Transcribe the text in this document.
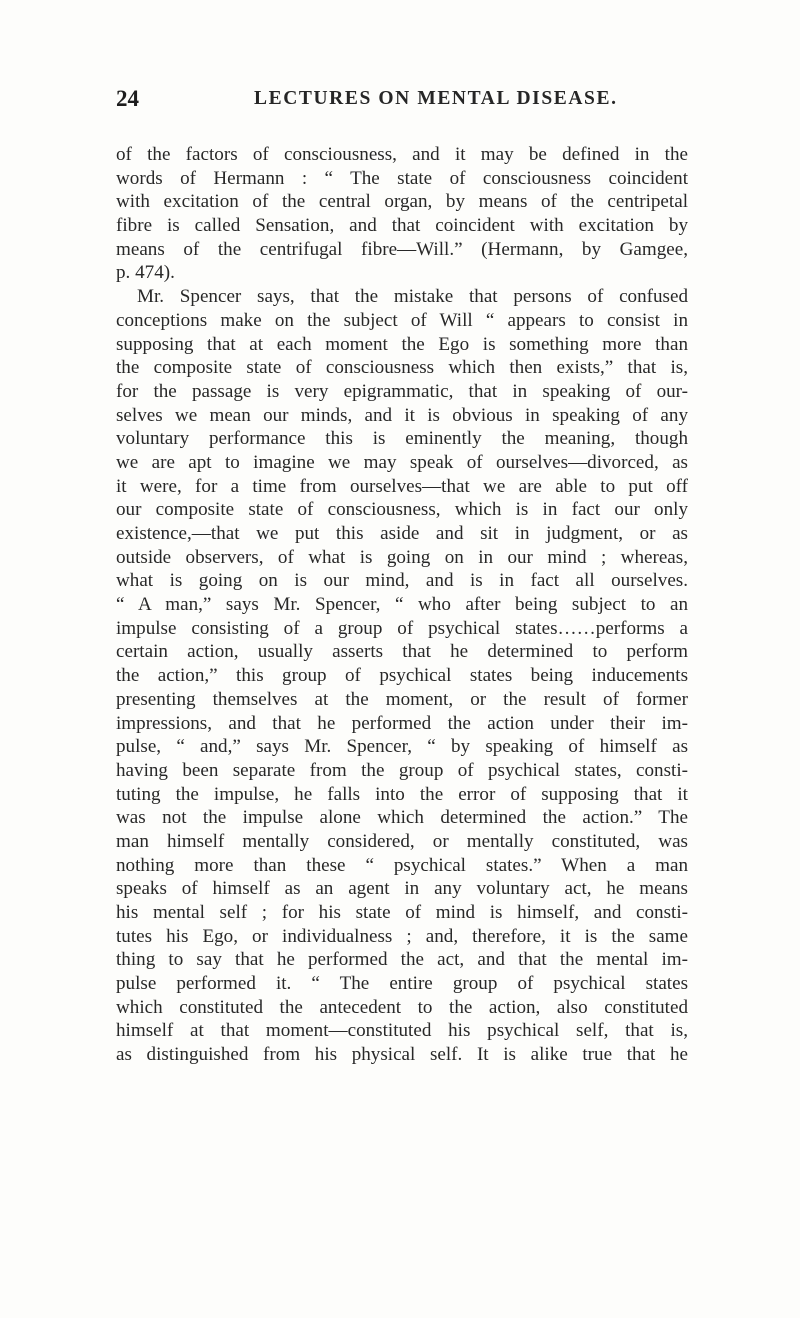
24	LECTURES ON MENTAL DISEASE.
of the factors of consciousness, and it may be defined in the
words of Hermann : “ The state of consciousness coincident
with excitation of the central organ, by means of the centripetal
fibre is called Sensation, and that coincident with excitation by
means of the centrifugal fibre—Will.” (Hermann, by Gamgee,
p. 474).
Mr. Spencer says, that the mistake that persons of confused
conceptions make on the subject of Will “ appears to consist in
supposing that at each moment the Ego is something more than
the composite state of consciousness which then exists,” that is,
for the passage is very epigrammatic, that in speaking of our-
selves we mean our minds, and it is obvious in speaking of any
voluntary performance this is eminently the meaning, though
we are apt to imagine we may speak of ourselves—divorced, as
it were, for a time from ourselves—that we are able to put off
our composite state of consciousness, which is in fact our only
existence,—that we put this aside and sit in judgment, or as
outside observers, of what is going on in our mind ; whereas,
what is going on is our mind, and is in fact all ourselves.
“ A man,” says Mr. Spencer, “ who after being subject to an
impulse consisting of a group of psychical states……performs a
certain action, usually asserts that he determined to perform
the action,” this group of psychical states being inducements
presenting themselves at the moment, or the result of former
impressions, and that he performed the action under their im-
pulse, “ and,” says Mr. Spencer, “ by speaking of himself as
having been separate from the group of psychical states, consti-
tuting the impulse, he falls into the error of supposing that it
was not the impulse alone which determined the action.” The
man himself mentally considered, or mentally constituted, was
nothing more than these “ psychical states.” When a man
speaks of himself as an agent in any voluntary act, he means
his mental self ; for his state of mind is himself, and consti-
tutes his Ego, or individualness ; and, therefore, it is the same
thing to say that he performed the act, and that the mental im-
pulse performed it. “ The entire group of psychical states
which constituted the antecedent to the action, also constituted
himself at that moment—constituted his psychical self, that is,
as distinguished from his physical self. It is alike true that he
